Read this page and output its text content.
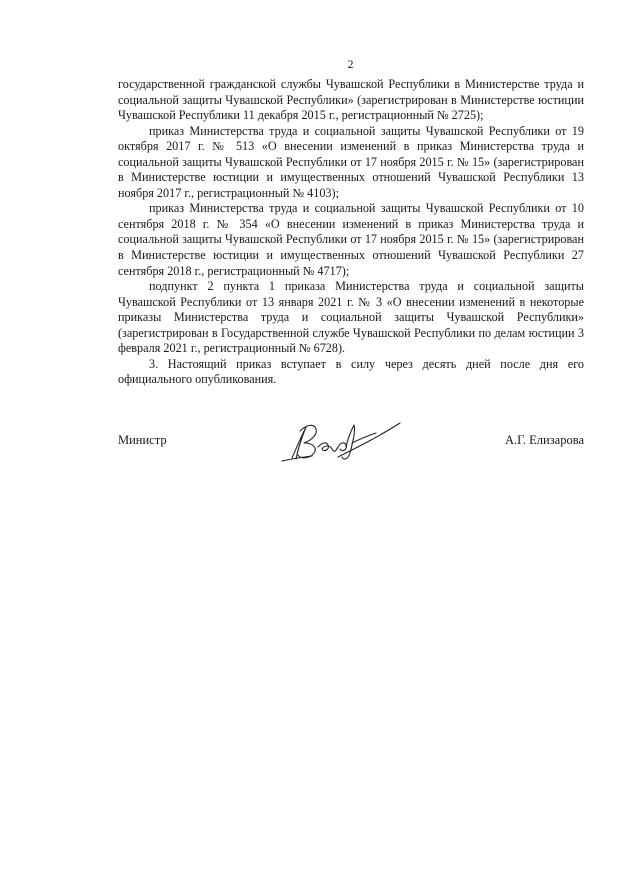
2

государственной гражданской службы Чувашской Республики в Министерстве труда и социальной защиты Чувашской Республики» (зарегистрирован в Министерстве юстиции Чувашской Республики 11 декабря 2015 г., регистрационный № 2725);

приказ Министерства труда и социальной защиты Чувашской Республики от 19 октября 2017 г. № 513 «О внесении изменений в приказ Министерства труда и социальной защиты Чувашской Республики от 17 ноября 2015 г. № 15» (зарегистрирован в Министерстве юстиции и имущественных отношений Чувашской Республики 13 ноября 2017 г., регистрационный № 4103);

приказ Министерства труда и социальной защиты Чувашской Республики от 10 сентября 2018 г. № 354 «О внесении изменений в приказ Министерства труда и социальной защиты Чувашской Республики от 17 ноября 2015 г. № 15» (зарегистрирован в Министерстве юстиции и имущественных отношений Чувашской Республики 27 сентября 2018 г., регистрационный № 4717);

подпункт 2 пункта 1 приказа Министерства труда и социальной защиты Чувашской Республики от 13 января 2021 г. № 3 «О внесении изменений в некоторые приказы Министерства труда и социальной защиты Чувашской Республики» (зарегистрирован в Государственной службе Чувашской Республики по делам юстиции 3 февраля 2021 г., регистрационный № 6728).

3. Настоящий приказ вступает в силу через десять дней после дня его официального опубликования.

Министр	А.Г. Елизарова
